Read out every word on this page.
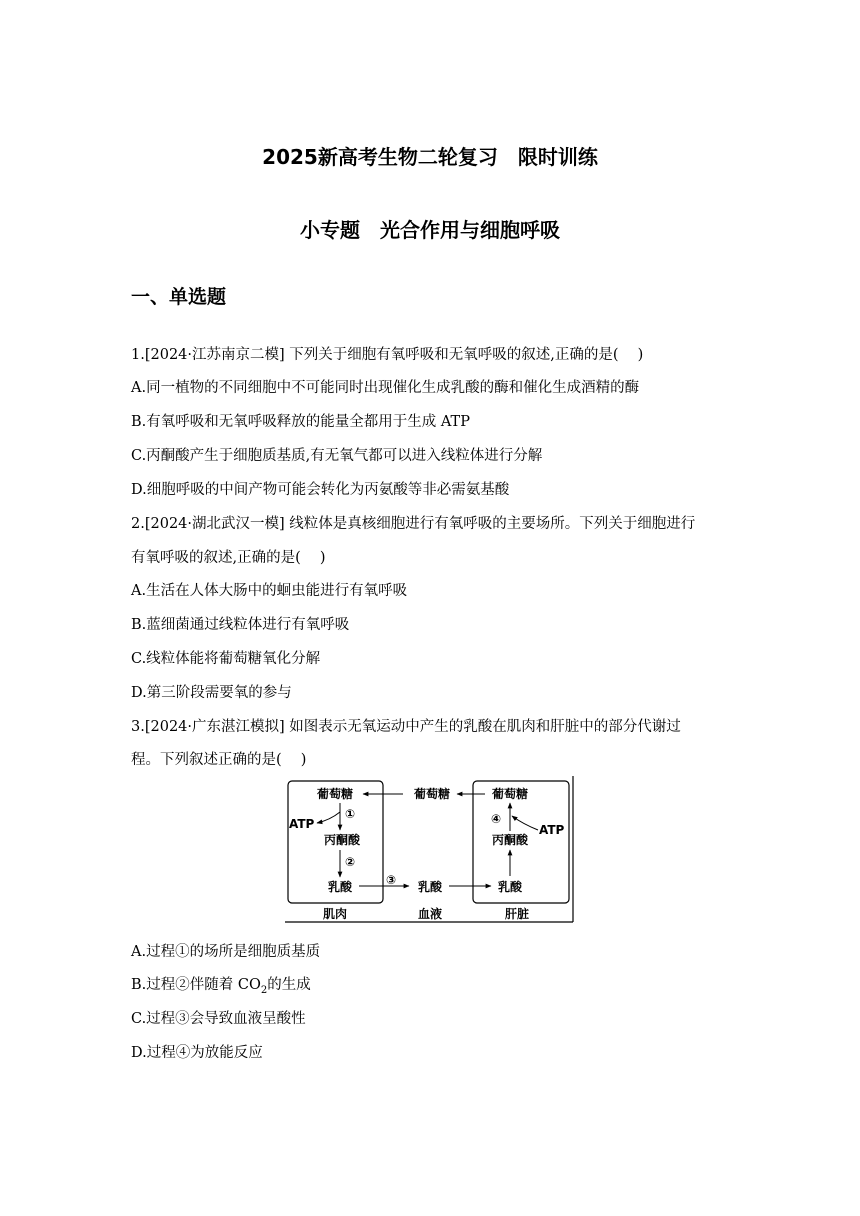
2025新高考生物二轮复习　限时训练
小专题　光合作用与细胞呼吸
一、单选题
1.[2024·江苏南京二模] 下列关于细胞有氧呼吸和无氧呼吸的叙述,正确的是(　 )
A.同一植物的不同细胞中不可能同时出现催化生成乳酸的酶和催化生成酒精的酶
B.有氧呼吸和无氧呼吸释放的能量全都用于生成 ATP
C.丙酮酸产生于细胞质基质,有无氧气都可以进入线粒体进行分解
D.细胞呼吸的中间产物可能会转化为丙氨酸等非必需氨基酸
2.[2024·湖北武汉一模] 线粒体是真核细胞进行有氧呼吸的主要场所。下列关于细胞进行
有氧呼吸的叙述,正确的是(　 )
A.生活在人体大肠中的蛔虫能进行有氧呼吸
B.蓝细菌通过线粒体进行有氧呼吸
C.线粒体能将葡萄糖氧化分解
D.第三阶段需要氧的参与
3.[2024·广东湛江模拟] 如图表示无氧运动中产生的乳酸在肌肉和肝脏中的部分代谢过
程。下列叙述正确的是(　 )
葡萄糖	葡萄糖	葡萄糖
ATP	ATP
丙酮酸	丙酮酸
乳酸	乳酸	乳酸
①
②
③
④
肌肉	血液	肝脏
A.过程①的场所是细胞质基质
B.过程②伴随着 $CO_2$的生成
C.过程③会导致血液呈酸性
D.过程④为放能反应
